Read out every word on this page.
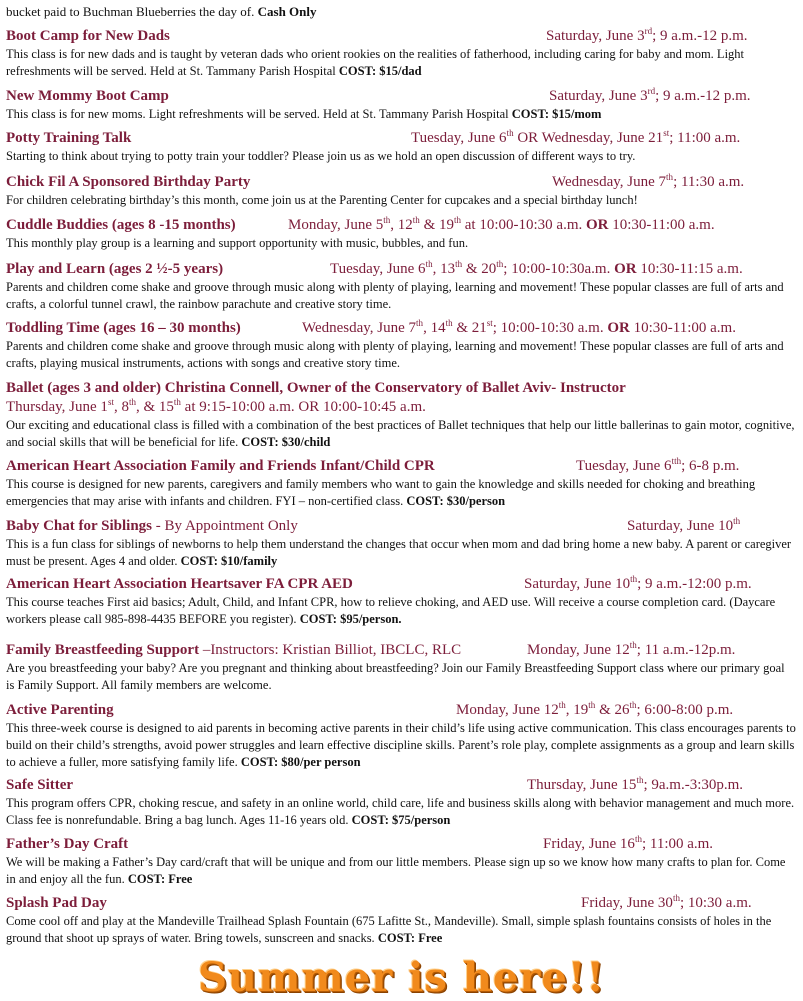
bucket paid to Buchman Blueberries the day of. Cash Only
Boot Camp for New Dads	Saturday, June 3rd; 9 a.m.-12 p.m.
This class is for new dads and is taught by veteran dads who orient rookies on the realities of fatherhood, including caring for baby and mom. Light refreshments will be served. Held at St. Tammany Parish Hospital COST: $15/dad
New Mommy Boot Camp	Saturday, June 3rd; 9 a.m.-12 p.m.
This class is for new moms. Light refreshments will be served. Held at St. Tammany Parish Hospital COST: $15/mom
Potty Training Talk	Tuesday, June 6th OR Wednesday, June 21st; 11:00 a.m.
Starting to think about trying to potty train your toddler? Please join us as we hold an open discussion of different ways to try.
Chick Fil A Sponsored Birthday Party	Wednesday, June 7th; 11:30 a.m.
For children celebrating birthday’s this month, come join us at the Parenting Center for cupcakes and a special birthday lunch!
Cuddle Buddies (ages 8 -15 months)	Monday, June 5th, 12th & 19th at 10:00-10:30 a.m. OR 10:30-11:00 a.m.
This monthly play group is a learning and support opportunity with music, bubbles, and fun.
Play and Learn (ages 2 ½-5 years)	Tuesday, June 6th, 13th & 20th; 10:00-10:30a.m. OR 10:30-11:15 a.m.
Parents and children come shake and groove through music along with plenty of playing, learning and movement! These popular classes are full of arts and crafts, a colorful tunnel crawl, the rainbow parachute and creative story time.
Toddling Time (ages 16 – 30 months)	Wednesday, June 7th, 14th & 21st; 10:00-10:30 a.m. OR 10:30-11:00 a.m.
Parents and children come shake and groove through music along with plenty of playing, learning and movement! These popular classes are full of arts and crafts, playing musical instruments, actions with songs and creative story time.
Ballet (ages 3 and older) Christina Connell, Owner of the Conservatory of Ballet Aviv- Instructor
Thursday, June 1st, 8th, & 15th at 9:15-10:00 a.m. OR 10:00-10:45 a.m.
Our exciting and educational class is filled with a combination of the best practices of Ballet techniques that help our little ballerinas to gain motor, cognitive, and social skills that will be beneficial for life. COST: $30/child
American Heart Association Family and Friends Infant/Child CPR	Tuesday, June $6^{tth}$; 6-8 p.m.
This course is designed for new parents, caregivers and family members who want to gain the knowledge and skills needed for choking and breathing emergencies that may arise with infants and children. FYI – non-certified class. COST: $30/person
Baby Chat for Siblings - By Appointment Only	Saturday, June 10th
This is a fun class for siblings of newborns to help them understand the changes that occur when mom and dad bring home a new baby. A parent or caregiver must be present. Ages 4 and older. COST: $10/family
American Heart Association Heartsaver FA CPR AED	Saturday, June 10th; 9 a.m.-12:00 p.m.
This course teaches First aid basics; Adult, Child, and Infant CPR, how to relieve choking, and AED use. Will receive a course completion card. (Daycare workers please call 985-898-4435 BEFORE you register). COST: $95/person.
Family Breastfeeding Support –Instructors: Kristian Billiot, IBCLC, RLC	Monday, June 12th; 11 a.m.-12p.m.
Are you breastfeeding your baby? Are you pregnant and thinking about breastfeeding? Join our Family Breastfeeding Support class where our primary goal is Family Support. All family members are welcome.
Active Parenting	Monday, June 12th, 19th & 26th; 6:00-8:00 p.m.
This three-week course is designed to aid parents in becoming active parents in their child’s life using active communication. This class encourages parents to build on their child’s strengths, avoid power struggles and learn effective discipline skills. Parent’s role play, complete assignments as a group and learn skills to achieve a fuller, more satisfying family life. COST: $80/per person
Safe Sitter	Thursday, June 15th; 9a.m.-3:30p.m.
This program offers CPR, choking rescue, and safety in an online world, child care, life and business skills along with behavior management and much more. Class fee is nonrefundable. Bring a bag lunch. Ages 11-16 years old. COST: $75/person
Father’s Day Craft	Friday, June 16th; 11:00 a.m.
We will be making a Father’s Day card/craft that will be unique and from our little members. Please sign up so we know how many crafts to plan for. Come in and enjoy all the fun. COST: Free
Splash Pad Day	Friday, June 30th; 10:30 a.m.
Come cool off and play at the Mandeville Trailhead Splash Fountain (675 Lafitte St., Mandeville). Small, simple splash fountains consists of holes in the ground that shoot up sprays of water. Bring towels, sunscreen and snacks. COST: Free
Summer is here!!
